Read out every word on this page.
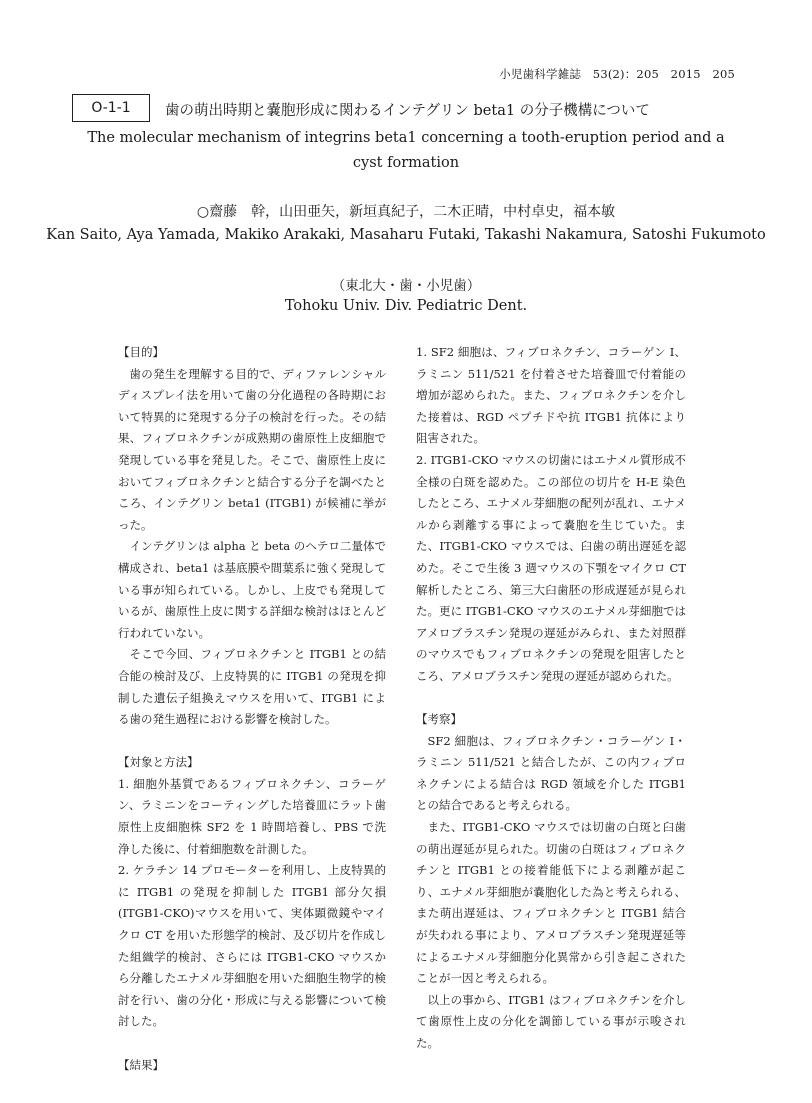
小児歯科学雑誌　53(2)：205　2015　205
O-1-1	歯の萌出時期と嚢胞形成に関わるインテグリン beta1 の分子機構について
The molecular mechanism of integrins beta1 concerning a tooth-eruption period and a cyst formation
○齋藤　幹，山田亜矢，新垣真紀子，二木正晴，中村卓史，福本敏
Kan Saito, Aya Yamada, Makiko Arakaki, Masaharu Futaki, Takashi Nakamura, Satoshi Fukumoto
（東北大・歯・小児歯）
Tohoku Univ. Div. Pediatric Dent.

【目的】

歯の発生を理解する目的で、ディファレンシャルディスプレイ法を用いて歯の分化過程の各時期において特異的に発現する分子の検討を行った。その結果、フィブロネクチンが成熟期の歯原性上皮細胞で発現している事を発見した。そこで、歯原性上皮においてフィブロネクチンと結合する分子を調べたところ、インテグリン beta1 (ITGB1) が候補に挙がった。

インテグリンは alpha と beta のヘテロ二量体で構成され、beta1 は基底膜や間葉系に強く発現している事が知られている。しかし、上皮でも発現しているが、歯原性上皮に関する詳細な検討はほとんど行われていない。

そこで今回、フィブロネクチンと ITGB1 との結合能の検討及び、上皮特異的に ITGB1 の発現を抑制した遺伝子組換えマウスを用いて、ITGB1 による歯の発生過程における影響を検討した。

【対象と方法】

1. 細胞外基質であるフィブロネクチン、コラーゲン、ラミニンをコーティングした培養皿にラット歯原性上皮細胞株 SF2 を 1 時間培養し、PBS で洗浄した後に、付着細胞数を計測した。

2. ケラチン 14 プロモーターを利用し、上皮特異的に ITGB1 の発現を抑制した ITGB1 部分欠損 (ITGB1-CKO)マウスを用いて、実体顕微鏡やマイクロ CT を用いた形態学的検討、及び切片を作成した組織学的検討、さらには ITGB1-CKO マウスから分離したエナメル芽細胞を用いた細胞生物学的検討を行い、歯の分化・形成に与える影響について検討した。

【結果】

1. SF2 細胞は、フィブロネクチン、コラーゲン I、ラミニン 511/521 を付着させた培養皿で付着能の増加が認められた。また、フィブロネクチンを介した接着は、RGD ペプチドや抗 ITGB1 抗体により阻害された。

2. ITGB1-CKO マウスの切歯にはエナメル質形成不全様の白斑を認めた。この部位の切片を H-E 染色したところ、エナメル芽細胞の配列が乱れ、エナメルから剥離する事によって嚢胞を生じていた。また、ITGB1-CKO マウスでは、臼歯の萌出遅延を認めた。そこで生後 3 週マウスの下顎をマイクロ CT 解析したところ、第三大臼歯胚の形成遅延が見られた。更に ITGB1-CKO マウスのエナメル芽細胞ではアメロブラスチン発現の遅延がみられ、また対照群のマウスでもフィブロネクチンの発現を阻害したところ、アメロブラスチン発現の遅延が認められた。

【考察】

SF2 細胞は、フィブロネクチン・コラーゲン I・ラミニン 511/521 と結合したが、この内フィブロネクチンによる結合は RGD 領域を介した ITGB1 との結合であると考えられる。

また、ITGB1-CKO マウスでは切歯の白斑と臼歯の萌出遅延が見られた。切歯の白斑はフィブロネクチンと ITGB1 との接着能低下による剥離が起こり、エナメル芽細胞が嚢胞化した為と考えられる、また萌出遅延は、フィブロネクチンと ITGB1 結合が失われる事により、アメロブラスチン発現遅延等によるエナメル芽細胞分化異常から引き起こされたことが一因と考えられる。

以上の事から、ITGB1 はフィブロネクチンを介して歯原性上皮の分化を調節している事が示唆された。
